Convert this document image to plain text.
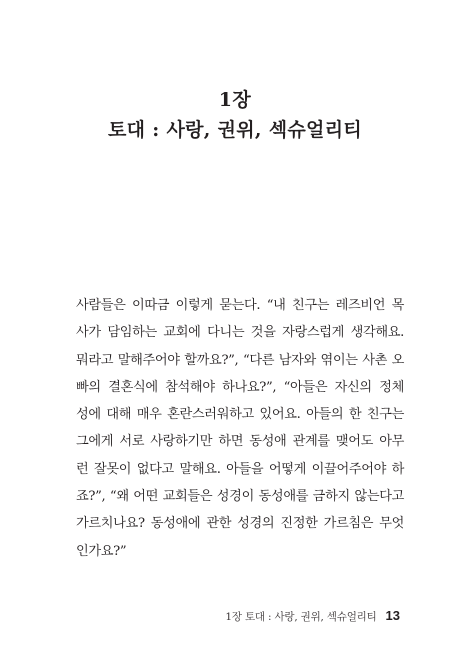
1장
토대 : 사랑, 권위, 섹슈얼리티
사람들은 이따금 이렇게 묻는다. “내 친구는 레즈비언 목
사가 담임하는 교회에 다니는 것을 자랑스럽게 생각해요.
뭐라고 말해주어야 할까요?”, “다른 남자와 엮이는 사촌 오
빠의 결혼식에 참석해야 하나요?”, “아들은 자신의 정체
성에 대해 매우 혼란스러워하고 있어요. 아들의 한 친구는
그에게 서로 사랑하기만 하면 동성애 관계를 맺어도 아무
런 잘못이 없다고 말해요. 아들을 어떻게 이끌어주어야 하
죠?”, “왜 어떤 교회들은 성경이 동성애를 금하지 않는다고
가르치나요? 동성애에 관한 성경의 진정한 가르침은 무엇
인가요?”
1장 토대 : 사랑, 권위, 섹슈얼리티 13
